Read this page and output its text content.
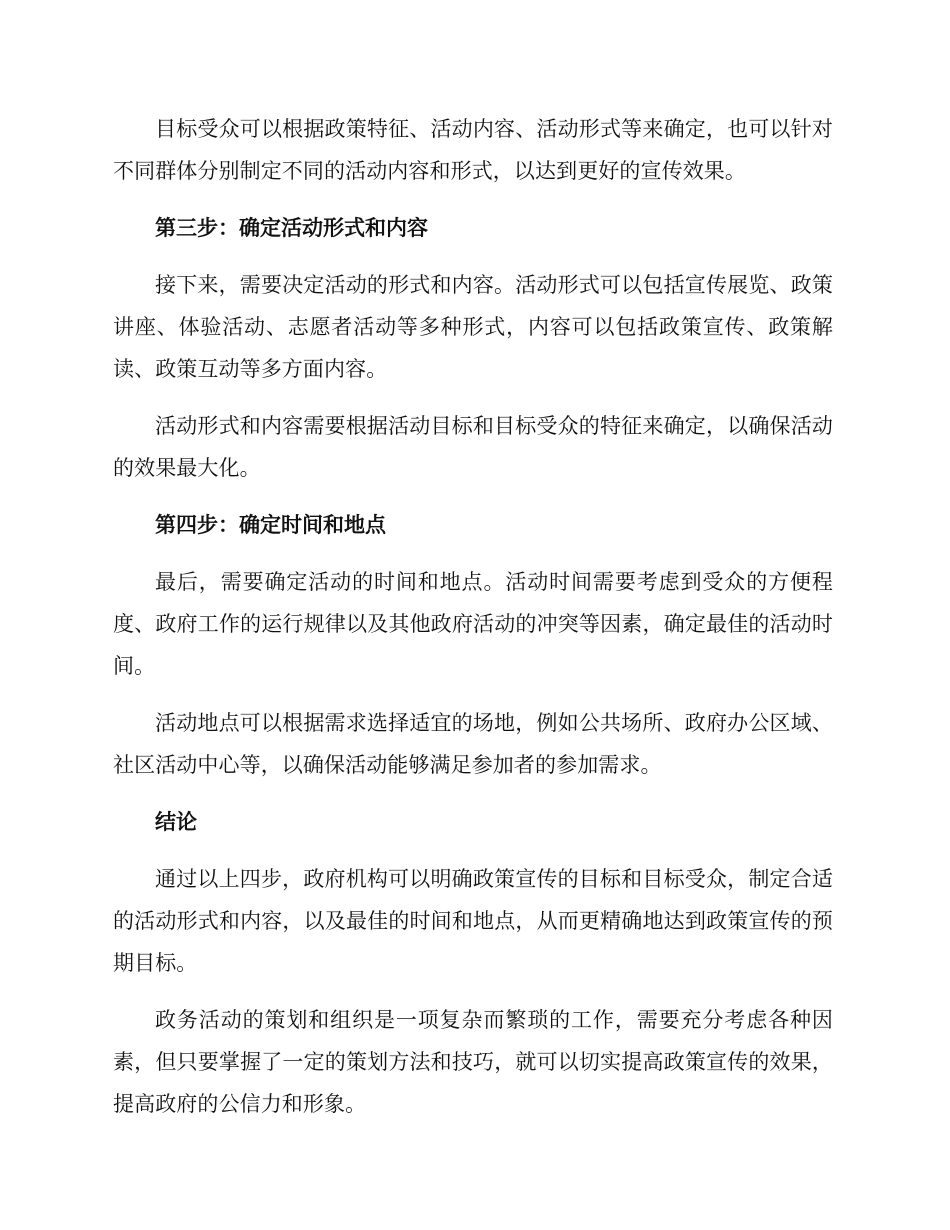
目标受众可以根据政策特征、活动内容、活动形式等来确定，也可以针对不同群体分别制定不同的活动内容和形式，以达到更好的宣传效果。

第三步：确定活动形式和内容

接下来，需要决定活动的形式和内容。活动形式可以包括宣传展览、政策讲座、体验活动、志愿者活动等多种形式，内容可以包括政策宣传、政策解读、政策互动等多方面内容。

活动形式和内容需要根据活动目标和目标受众的特征来确定，以确保活动的效果最大化。

第四步：确定时间和地点

最后，需要确定活动的时间和地点。活动时间需要考虑到受众的方便程度、政府工作的运行规律以及其他政府活动的冲突等因素，确定最佳的活动时间。

活动地点可以根据需求选择适宜的场地，例如公共场所、政府办公区域、社区活动中心等，以确保活动能够满足参加者的参加需求。

结论

通过以上四步，政府机构可以明确政策宣传的目标和目标受众，制定合适的活动形式和内容，以及最佳的时间和地点，从而更精确地达到政策宣传的预期目标。

政务活动的策划和组织是一项复杂而繁琐的工作，需要充分考虑各种因素，但只要掌握了一定的策划方法和技巧，就可以切实提高政策宣传的效果，提高政府的公信力和形象。
